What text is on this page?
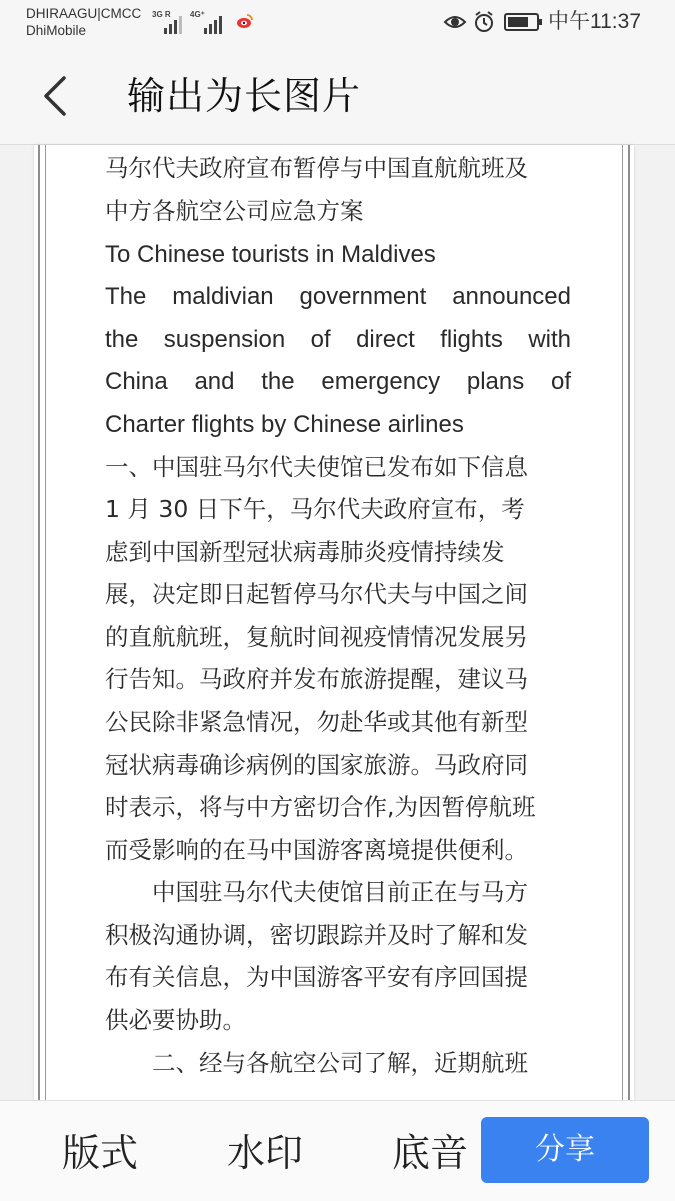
DHIRAAGU|CMCC
DhiMobile
3G R 4G⁺	中午11:37
输出为长图片
马尔代夫政府宣布暂停与中国直航航班及
中方各航空公司应急方案
To Chinese tourists in Maldives
The maldivian government announced
the suspension of direct flights with
China and the emergency plans of
Charter flights by Chinese airlines
一、中国驻马尔代夫使馆已发布如下信息
1 月 30 日下午，马尔代夫政府宣布，考
虑到中国新型冠状病毒肺炎疫情持续发
展，决定即日起暂停马尔代夫与中国之间
的直航航班，复航时间视疫情情况发展另
行告知。马政府并发布旅游提醒，建议马
公民除非紧急情况，勿赴华或其他有新型
冠状病毒确诊病例的国家旅游。马政府同
时表示，将与中方密切合作,为因暂停航班
而受影响的在马中国游客离境提供便利。
　　中国驻马尔代夫使馆目前正在与马方
积极沟通协调，密切跟踪并及时了解和发
布有关信息，为中国游客平安有序回国提
供必要协助。
　　二、经与各航空公司了解，近期航班
版式 水印 底音	分享
